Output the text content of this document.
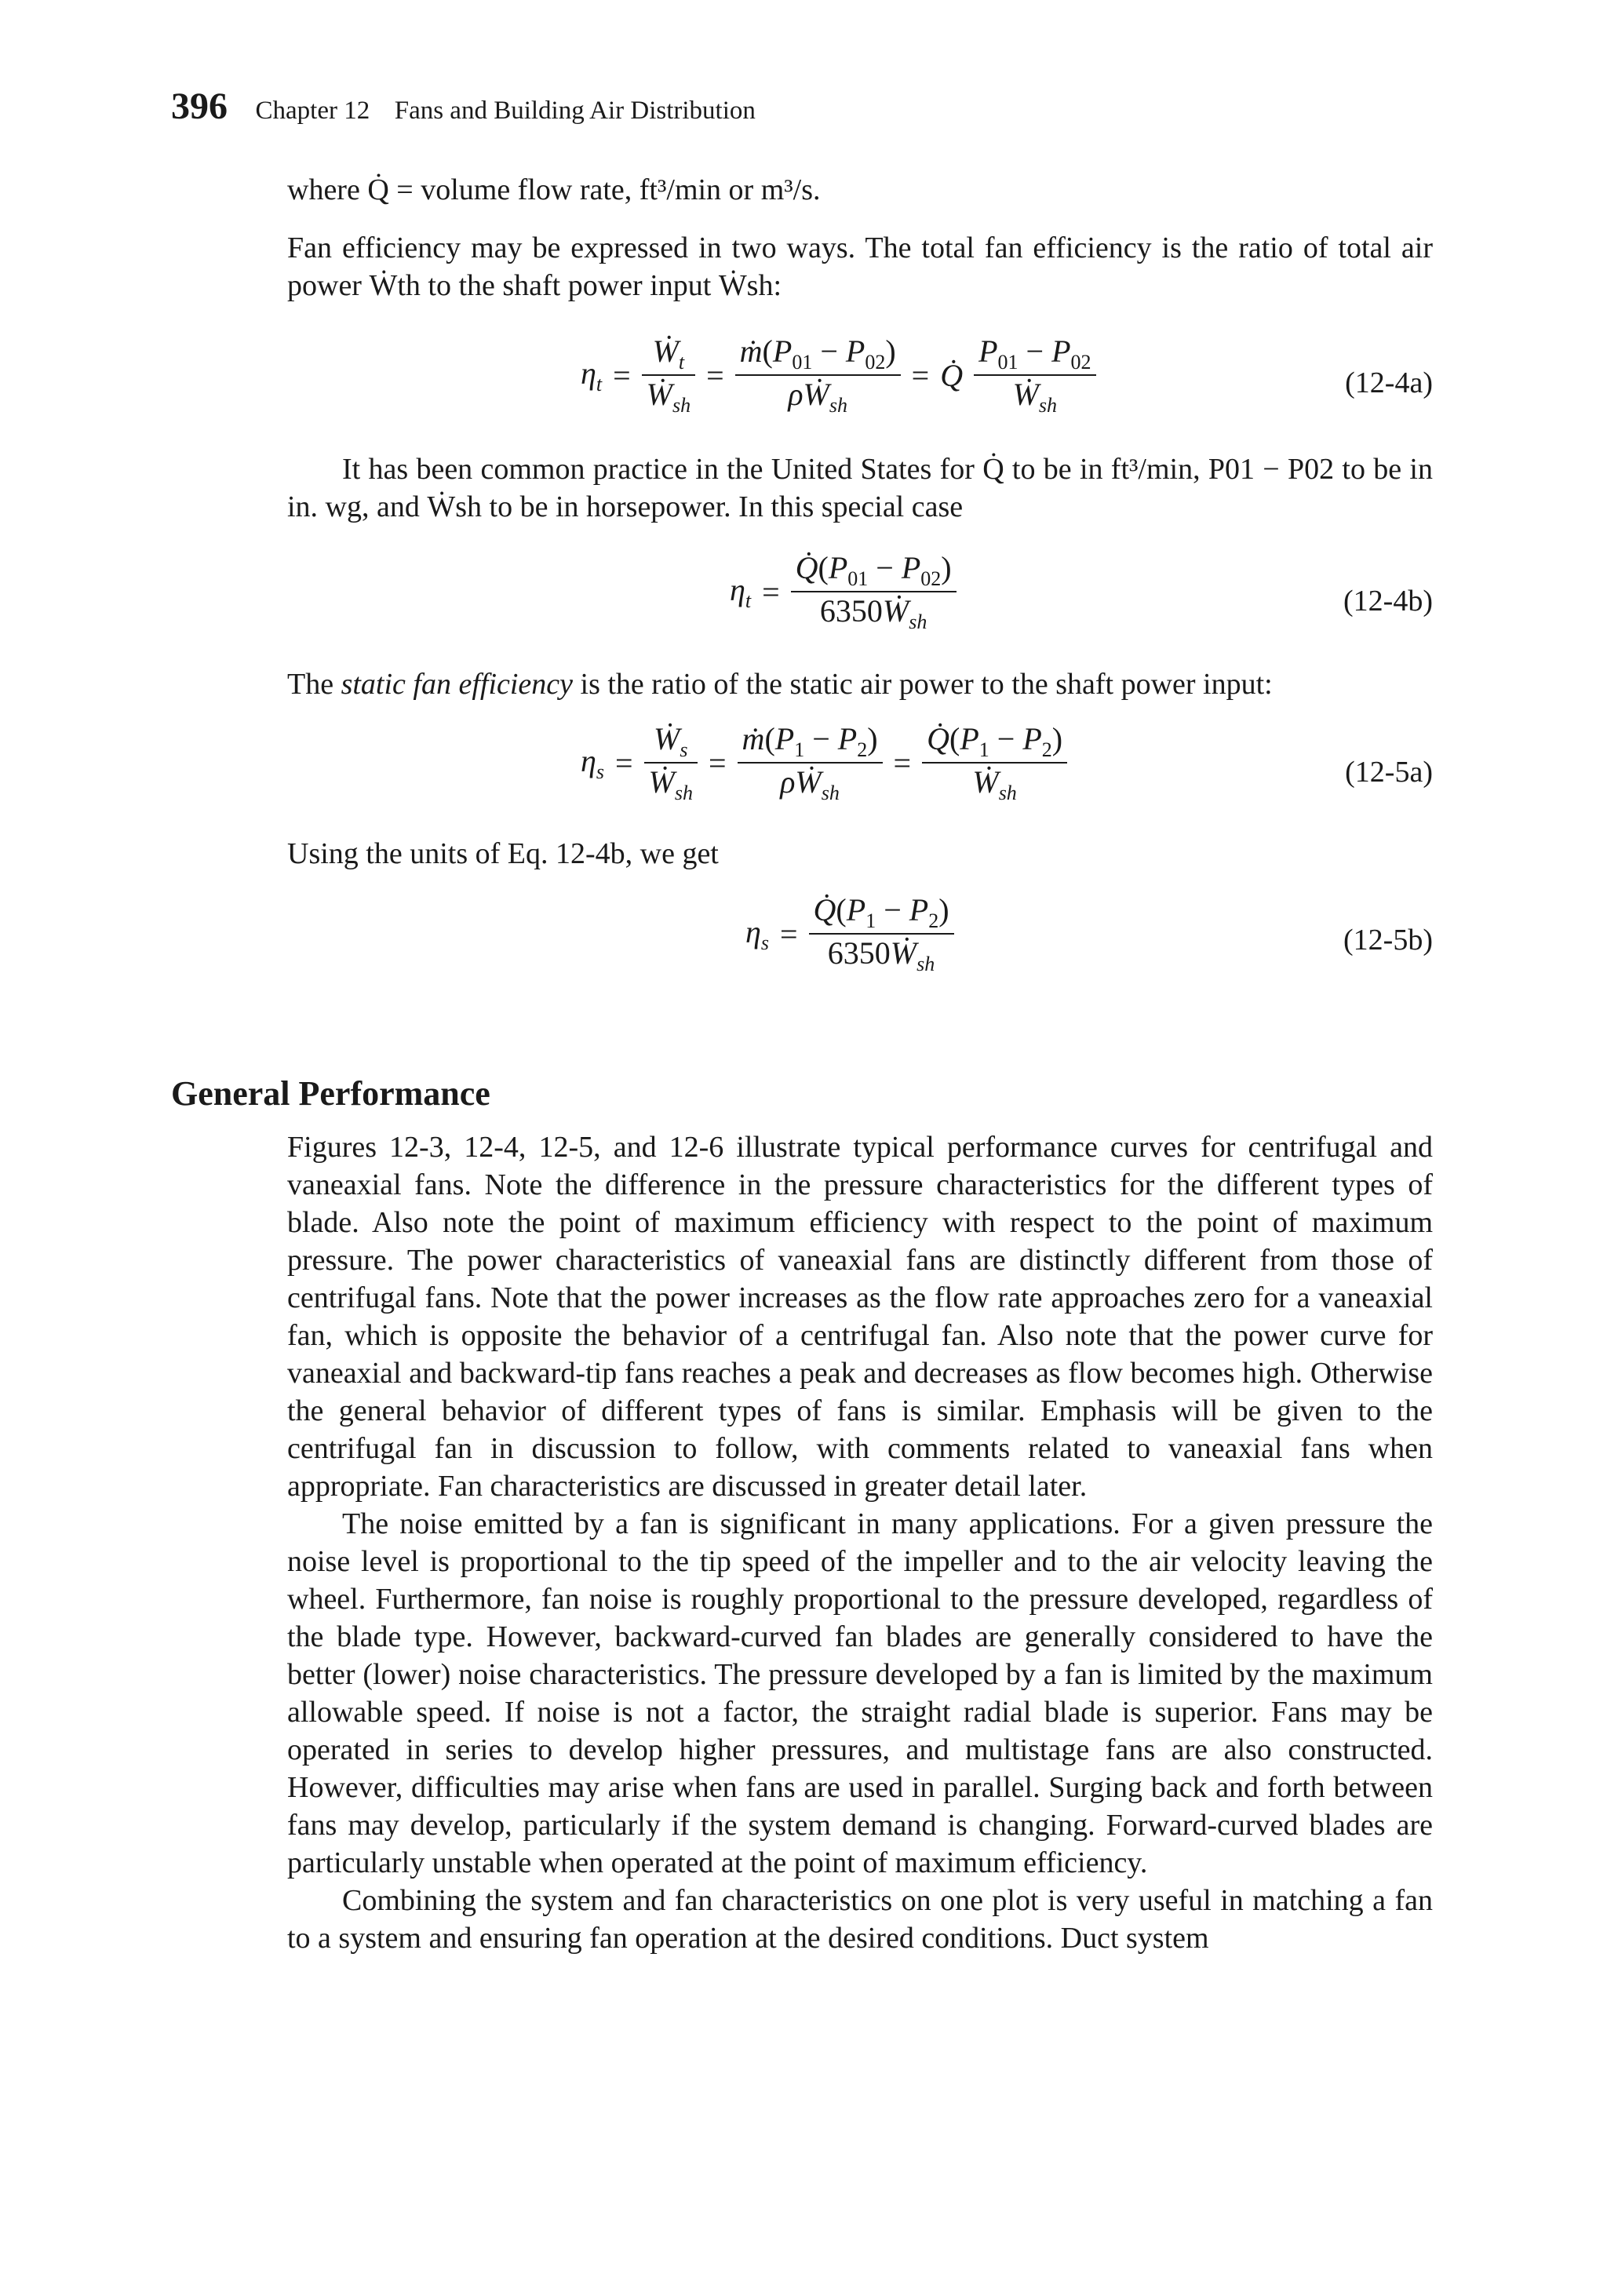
396 Chapter 12 Fans and Building Air Distribution

where Q̇ = volume flow rate, ft³/min or m³/s.

Fan efficiency may be expressed in two ways. The total fan efficiency is the ratio of total air power Ẇth to the shaft power input Ẇsh:

$\eta_t = \frac{Ẇ_t}{Ẇ_{sh}} = \frac{ṁ(P_{01} - P_{02})}{\rho Ẇ_{sh}}$ = Q̇ $\frac{P_{01} - P_{02}}{Ẇ_{sh}}$	(12-4a)

It has been common practice in the United States for Q̇ to be in ft³/min, P01 − P02 to be in in. wg, and Ẇsh to be in horsepower. In this special case

$\eta_t = \frac{Q̇(P_{01} - P_{02})}{6350Ẇ_{sh}}$	(12-4b)

The static fan efficiency is the ratio of the static air power to the shaft power input:

$\eta_s = \frac{Ẇ_s}{Ẇ_{sh}} = \frac{ṁ(P_1 - P_2)}{\rho Ẇ_{sh}} = \frac{Q̇(P_1 - P_2)}{Ẇ_{sh}}$	(12-5a)

Using the units of Eq. 12-4b, we get

$\eta_s = \frac{Q̇(P_1 - P_2)}{6350Ẇ_{sh}}$	(12-5b)
General Performance

Figures 12-3, 12-4, 12-5, and 12-6 illustrate typical performance curves for centrifugal and vaneaxial fans. Note the difference in the pressure characteristics for the different types of blade. Also note the point of maximum efficiency with respect to the point of maximum pressure. The power characteristics of vaneaxial fans are distinctly different from those of centrifugal fans. Note that the power increases as the flow rate approaches zero for a vaneaxial fan, which is opposite the behavior of a centrifugal fan. Also note that the power curve for vaneaxial and backward-tip fans reaches a peak and decreases as flow becomes high. Otherwise the general behavior of different types of fans is similar. Emphasis will be given to the centrifugal fan in discussion to follow, with comments related to vaneaxial fans when appropriate. Fan characteristics are discussed in greater detail later.

The noise emitted by a fan is significant in many applications. For a given pressure the noise level is proportional to the tip speed of the impeller and to the air velocity leaving the wheel. Furthermore, fan noise is roughly proportional to the pressure developed, regardless of the blade type. However, backward-curved fan blades are generally considered to have the better (lower) noise characteristics. The pressure developed by a fan is limited by the maximum allowable speed. If noise is not a factor, the straight radial blade is superior. Fans may be operated in series to develop higher pressures, and multistage fans are also constructed. However, difficulties may arise when fans are used in parallel. Surging back and forth between fans may develop, particularly if the system demand is changing. Forward-curved blades are particularly unstable when operated at the point of maximum efficiency.

Combining the system and fan characteristics on one plot is very useful in matching a fan to a system and ensuring fan operation at the desired conditions. Duct system
